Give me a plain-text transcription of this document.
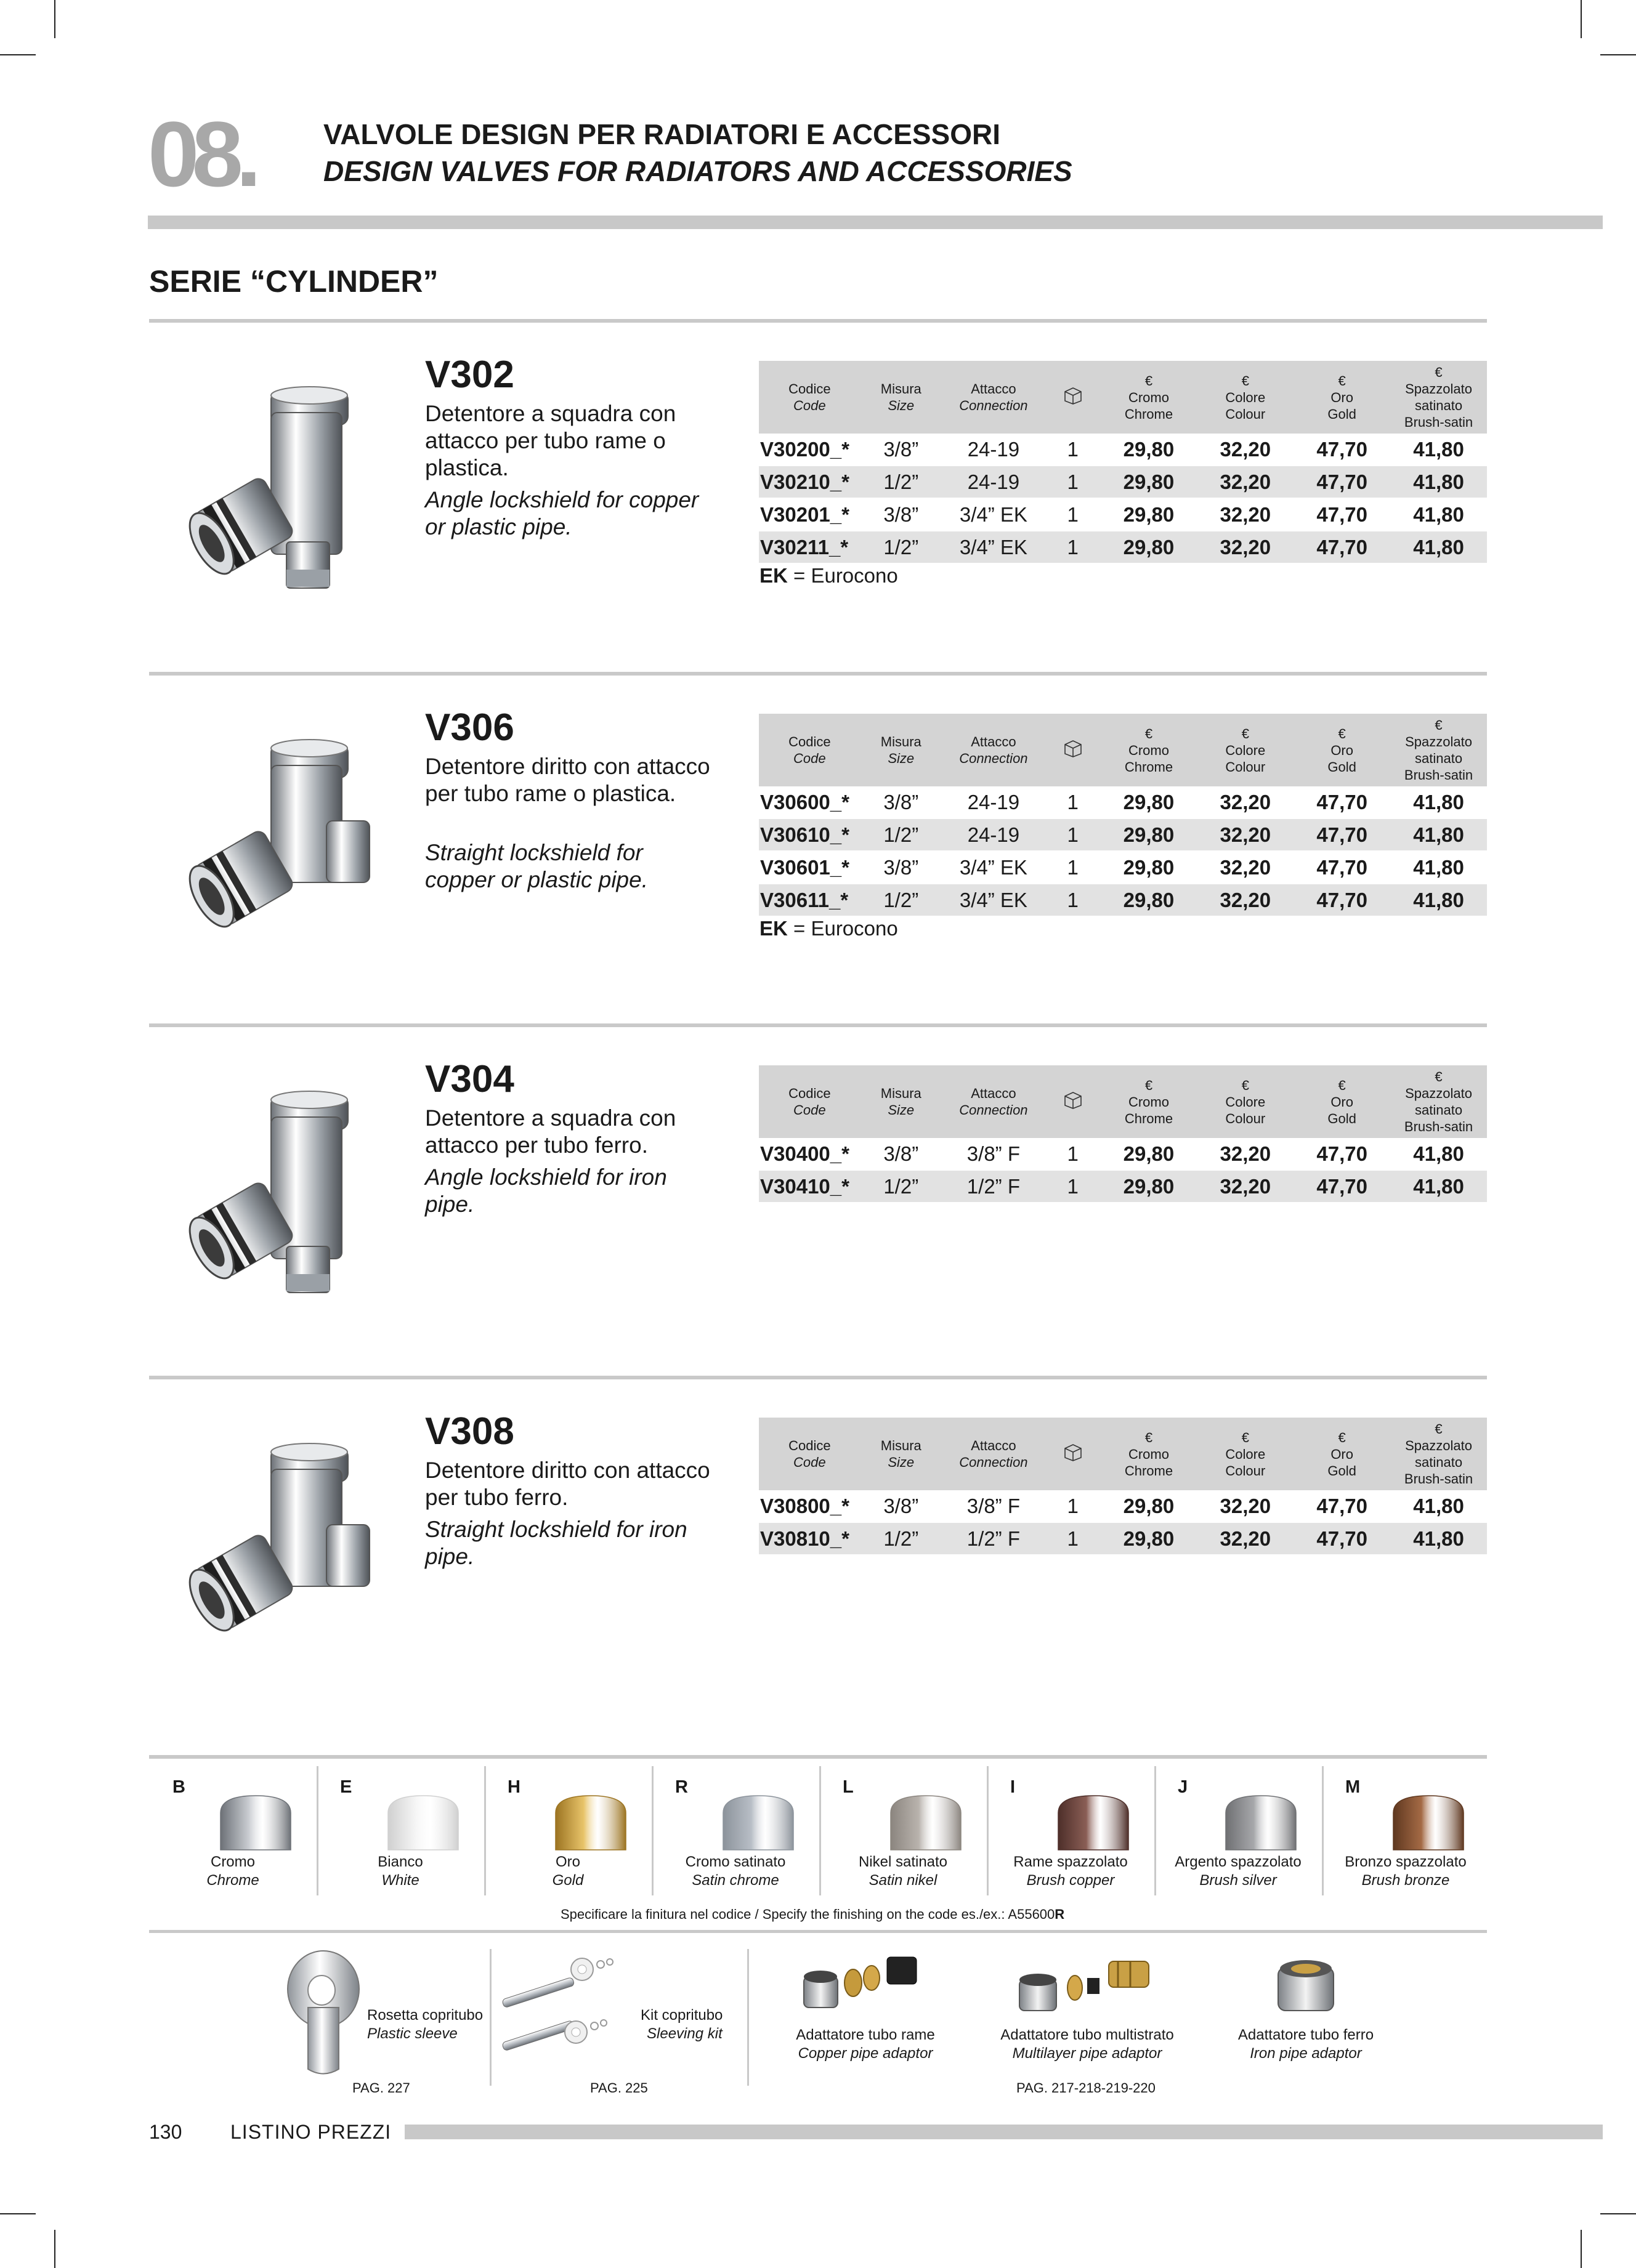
08. VALVOLE DESIGN PER RADIATORI E ACCESSORI
DESIGN VALVES FOR RADIATORS AND ACCESSORIES
SERIE “CYLINDER”
V302
Detentore a squadra con attacco per tubo rame o plastica.
Angle lockshield for copper or plastic pipe.
Codice
Code	Misura
Size	Attacco
Connection		€
Cromo
Chrome	€
Colore
Colour	€
Oro
Gold	€
Spazzolato
satinato
Brush-satin
V30200_*	3/8”	24-19	1	29,80	32,20	47,70	41,80
V30210_*	1/2”	24-19	1	29,80	32,20	47,70	41,80
V30201_*	3/8”	3/4” EK	1	29,80	32,20	47,70	41,80
V30211_*	1/2”	3/4” EK	1	29,80	32,20	47,70	41,80
EK = Eurocono
V306
Detentore diritto con attacco per tubo rame o plastica.
Straight lockshield for copper or plastic pipe.
Codice
Code	Misura
Size	Attacco
Connection		€
Cromo
Chrome	€
Colore
Colour	€
Oro
Gold	€
Spazzolato
satinato
Brush-satin
V30600_*	3/8”	24-19	1	29,80	32,20	47,70	41,80
V30610_*	1/2”	24-19	1	29,80	32,20	47,70	41,80
V30601_*	3/8”	3/4” EK	1	29,80	32,20	47,70	41,80
V30611_*	1/2”	3/4” EK	1	29,80	32,20	47,70	41,80
EK = Eurocono
V304
Detentore a squadra con attacco per tubo ferro.
Angle lockshield for iron pipe.
Codice
Code	Misura
Size	Attacco
Connection		€
Cromo
Chrome	€
Colore
Colour	€
Oro
Gold	€
Spazzolato
satinato
Brush-satin
V30400_*	3/8”	3/8” F	1	29,80	32,20	47,70	41,80
V30410_*	1/2”	1/2” F	1	29,80	32,20	47,70	41,80
V308
Detentore diritto con attacco per tubo ferro.
Straight lockshield for iron pipe.
Codice
Code	Misura
Size	Attacco
Connection		€
Cromo
Chrome	€
Colore
Colour	€
Oro
Gold	€
Spazzolato
satinato
Brush-satin
V30800_*	3/8”	3/8” F	1	29,80	32,20	47,70	41,80
V30810_*	1/2”	1/2” F	1	29,80	32,20	47,70	41,80
B
Cromo
Chrome
E
Bianco
White
H
Oro
Gold
R
Cromo satinato
Satin chrome
L
Nikel satinato
Satin nikel
I
Rame spazzolato
Brush copper
J
Argento spazzolato
Brush silver
M
Bronzo spazzolato
Brush bronze
Specificare la finitura nel codice / Specify the finishing on the code es./ex.: A55600R
Rosetta copritubo
Plastic sleeve
Kit copritubo
Sleeving kit	Adattatore tubo rame
Copper pipe adaptor
Adattatore tubo multistrato
Multilayer pipe adaptor
Adattatore tubo ferro
Iron pipe adaptor
PAG. 227	PAG. 225	PAG. 217-218-219-220
130 LISTINO PREZZI
